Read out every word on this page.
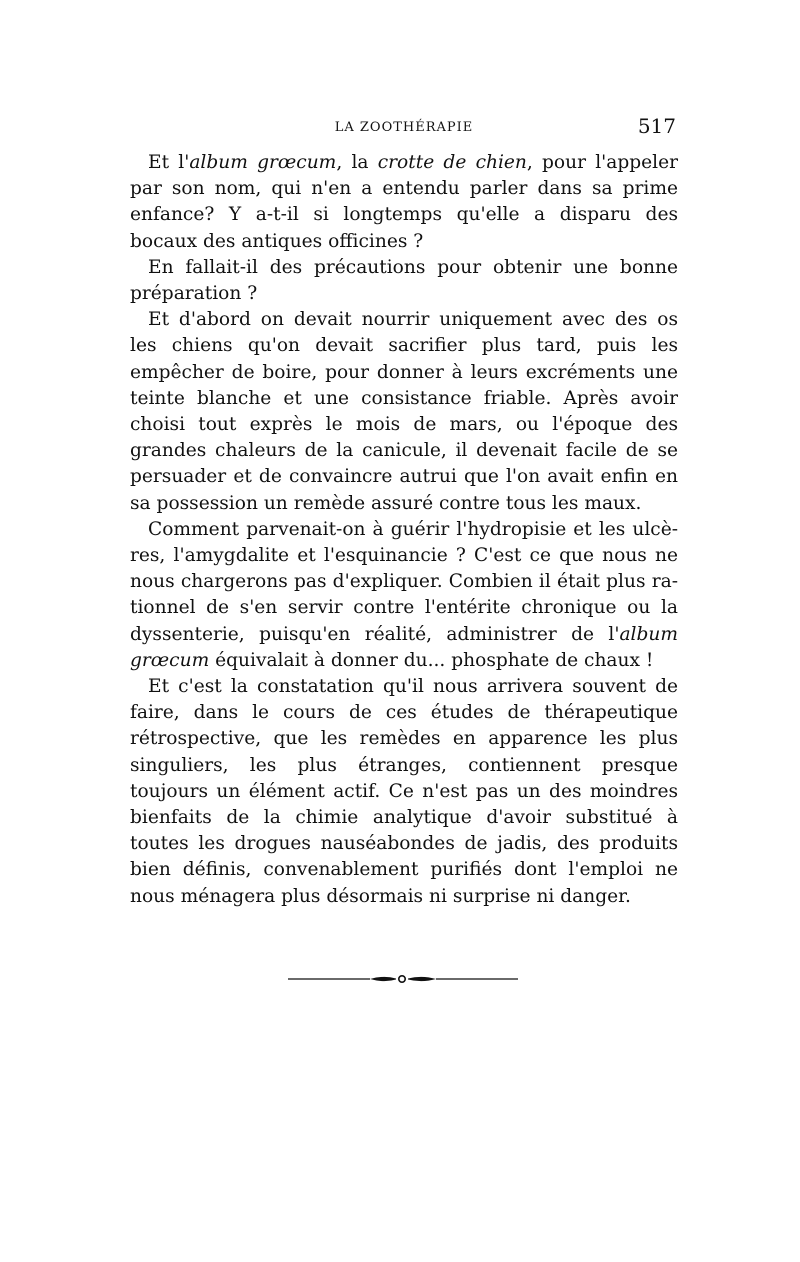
LA ZOOTHÉRAPIE	517

Et l'album grœcum, la crotte de chien, pour l'appeler par son nom, qui n'en a entendu parler dans sa prime enfance? Y a-t-il si longtemps qu'elle a disparu des bocaux des antiques officines ?

En fallait-il des précautions pour obtenir une bonne préparation ?

Et d'abord on devait nourrir uniquement avec des os les chiens qu'on devait sacrifier plus tard, puis les empêcher de boire, pour donner à leurs excréments une teinte blanche et une consistance friable. Après avoir choisi tout exprès le mois de mars, ou l'époque des grandes chaleurs de la canicule, il devenait facile de se persuader et de convaincre autrui que l'on avait enfin en sa possession un remède assuré contre tous les maux.

Comment parvenait-on à guérir l'hydropisie et les ulcères, l'amygdalite et l'esquinancie ? C'est ce que nous ne nous chargerons pas d'expliquer. Combien il était plus rationnel de s'en servir contre l'entérite chronique ou la dyssenterie, puisqu'en réalité, administrer de l'album grœcum équivalait à donner du... phosphate de chaux !

Et c'est la constatation qu'il nous arrivera souvent de faire, dans le cours de ces études de thérapeutique rétrospective, que les remèdes en apparence les plus singuliers, les plus étranges, contiennent presque toujours un élément actif. Ce n'est pas un des moindres bienfaits de la chimie analytique d'avoir substitué à toutes les drogues nauséabondes de jadis, des produits bien définis, convenablement purifiés dont l'emploi ne nous ménagera plus désormais ni surprise ni danger.
